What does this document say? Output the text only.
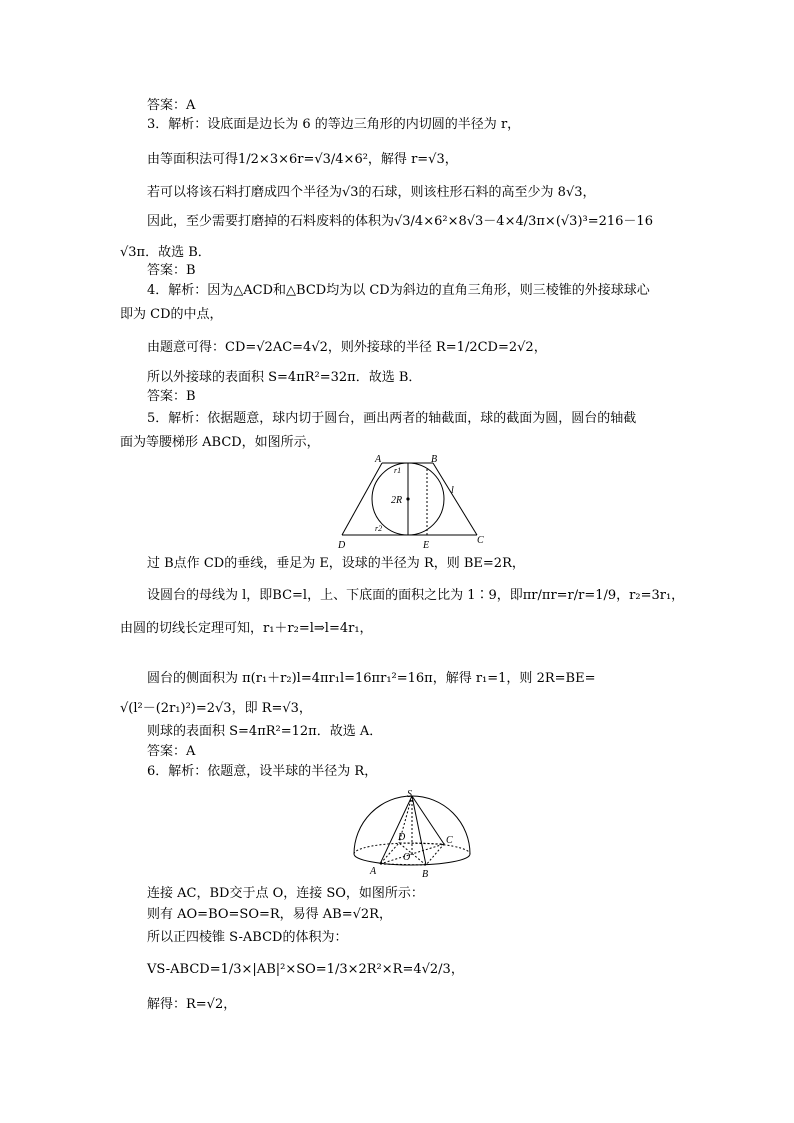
答案：A
3．解析：设底面是边长为 6 的等边三角形的内切圆的半径为 r，
由等面积法可得1/2×3×6r=√3/4×6²，解得 r=√3，
若可以将该石料打磨成四个半径为√3的石球，则该柱形石料的高至少为 8√3，
因此，至少需要打磨掉的石料废料的体积为√3/4×6²×8√3－4×4/3π×(√3)³=216－16
√3π．故选 B．
答案：B
4．解析：因为△ACD和△BCD均为以 CD为斜边的直角三角形，则三棱锥的外接球球心
即为 CD的中点，
由题意可得：CD=√2AC=4√2，则外接球的半径 R=1/2CD=2√2，
所以外接球的表面积 S=4πR²=32π．故选 B．
答案：B
5．解析：依据题意，球内切于圆台，画出两者的轴截面，球的截面为圆，圆台的轴截
面为等腰梯形 ABCD，如图所示，
A	B
r1
2R
l
r2
D	E	C
过 B点作 CD的垂线，垂足为 E，设球的半径为 R，则 BE=2R，
设圆台的母线为 l，即BC=l，上、下底面的面积之比为 1∶9，即πr/πr=r/r=1/9，r₂=3r₁，
由圆的切线长定理可知，r₁＋r₂=l⇒l=4r₁，
圆台的侧面积为 π(r₁＋r₂)l=4πr₁l=16πr₁²=16π，解得 r₁=1，则 2R=BE=
√(l²－(2r₁)²)=2√3，即 R=√3，
则球的表面积 S=4πR²=12π．故选 A．
答案：A
6．解析：依题意，设半球的半径为 R，
S
D	C
O
A	B
连接 AC，BD交于点 O，连接 SO，如图所示：
则有 AO=BO=SO=R，易得 AB=√2R，
所以正四棱锥 S-ABCD的体积为：
VS-ABCD=1/3×|AB|²×SO=1/3×2R²×R=4√2/3，
解得：R=√2，
